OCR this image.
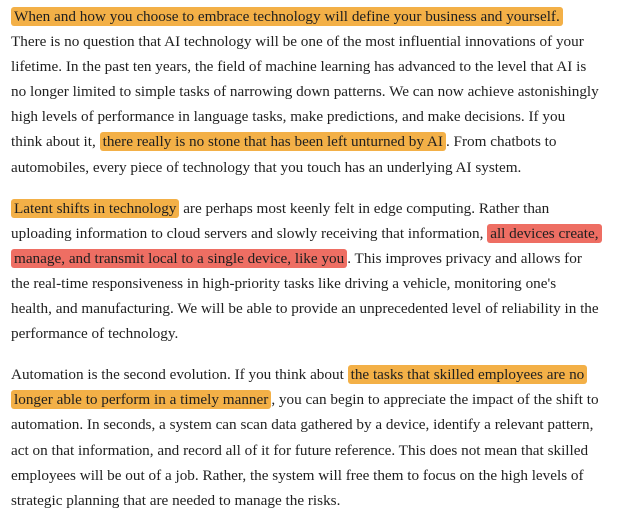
When and how you choose to embrace technology will define your business and yourself. There is no question that AI technology will be one of the most influential innovations of your lifetime. In the past ten years, the field of machine learning has advanced to the level that AI is no longer limited to simple tasks of narrowing down patterns. We can now achieve astonishingly high levels of performance in language tasks, make predictions, and make decisions. If you think about it, there really is no stone that has been left unturned by AI . From chatbots to automobiles, every piece of technology that you touch has an underlying AI system.

Latent shifts in technology are perhaps most keenly felt in edge computing. Rather than uploading information to cloud servers and slowly receiving that information, all devices create, manage, and transmit local to a single device, like you . This improves privacy and allows for the real-time responsiveness in high-priority tasks like driving a vehicle, monitoring one's health, and manufacturing. We will be able to provide an unprecedented level of reliability in the performance of technology.

Automation is the second evolution. If you think about the tasks that skilled employees are no longer able to perform in a timely manner , you can begin to appreciate the impact of the shift to automation. In seconds, a system can scan data gathered by a device, identify a relevant pattern, act on that information, and record all of it for future reference. This does not mean that skilled employees will be out of a job. Rather, the system will free them to focus on the high levels of strategic planning that are needed to manage the risks.
